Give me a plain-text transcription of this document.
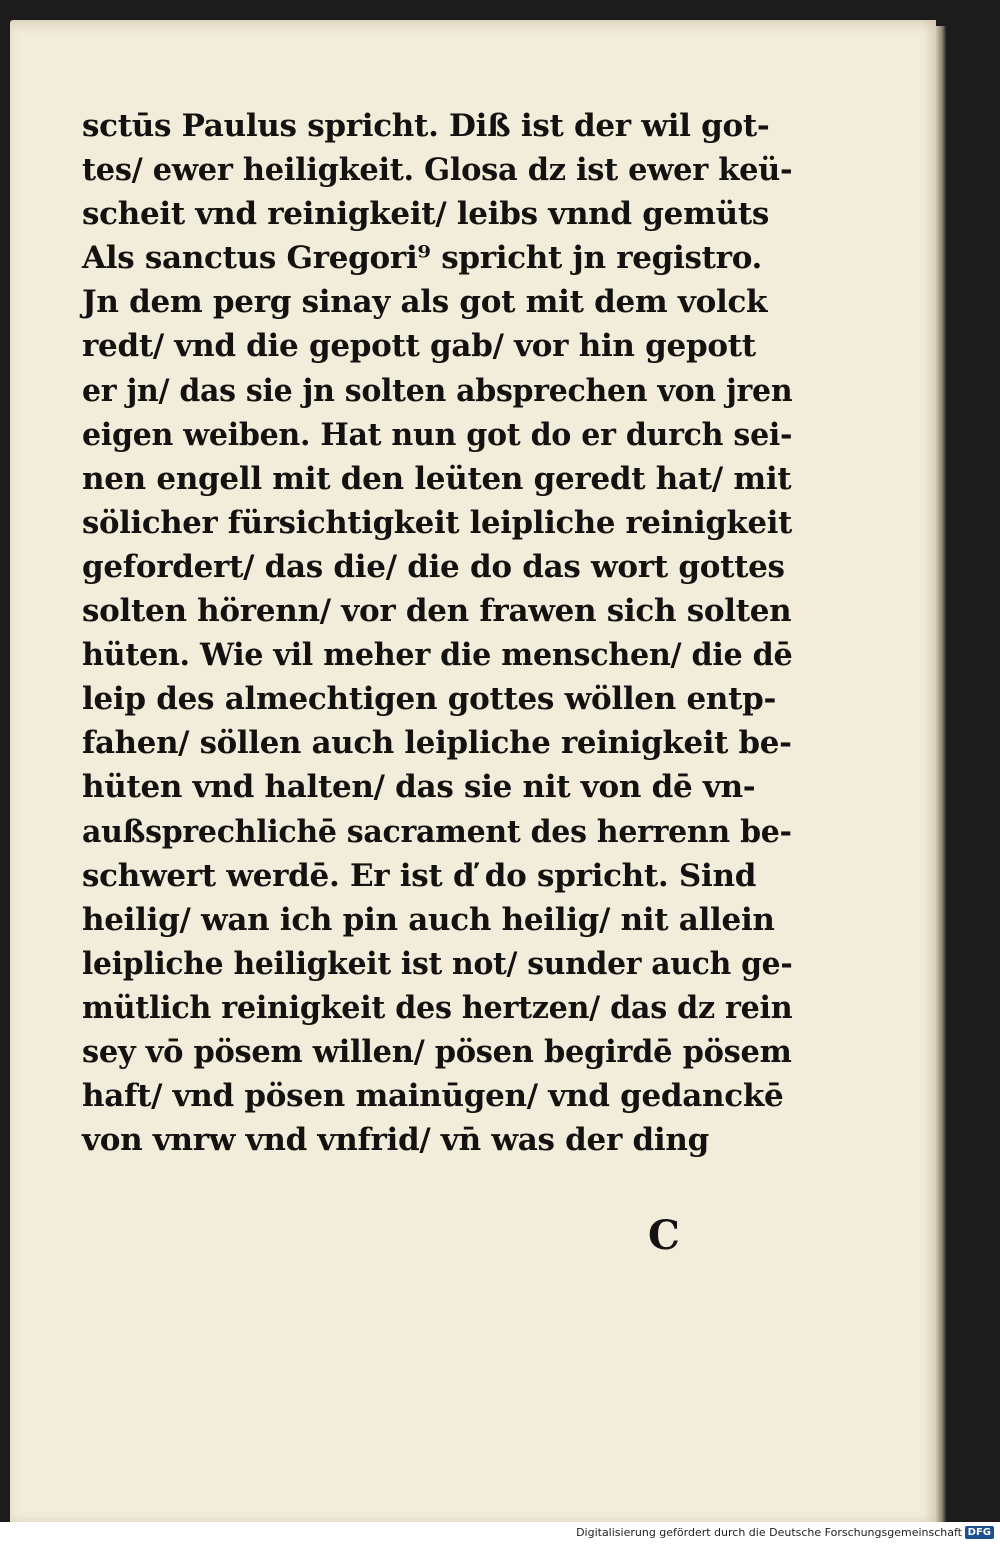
sctūs Paulus spricht. Diß ist der wil got-
tes/ ewer heiligkeit. Glosa dz ist ewer keü-
scheit vnd reinigkeit/ leibs vnnd gemüts
Als sanctus Gregori⁹ spricht jn registro.
Jn dem perg sinay als got mit dem volck
redt/ vnd die gepott gab/ vor hin gepott
er jn/ das sie jn solten absprechen von jren
eigen weiben. Hat nun got do er durch sei-
nen engell mit den leüten geredt hat/ mit
sölicher fürsichtigkeit leipliche reinigkeit
gefordert/ das die/ die do das wort gottes
solten hörenn/ vor den frawen sich solten
hüten. Wie vil meher die menschen/ die dē
leip des almechtigen gottes wöllen entp-
fahen/ söllen auch leipliche reinigkeit be-
hüten vnd halten/ das sie nit von dē vn-
außsprechlichē sacrament des herrenn be-
schwert werdē. Er ist ď do spricht. Sind
heilig/ wan ich pin auch heilig/ nit allein
leipliche heiligkeit ist not/ sunder auch ge-
mütlich reinigkeit des hertzen/ das dz rein
sey vō pösem willen/ pösen begirdē pösem
haft/ vnd pösen mainūgen/ vnd gedanckē
von vnrw vnd vnfrid/ vn̄ was der ding
C
Digitalisierung gefördert durch die Deutsche Forschungsgemeinschaft DFG
